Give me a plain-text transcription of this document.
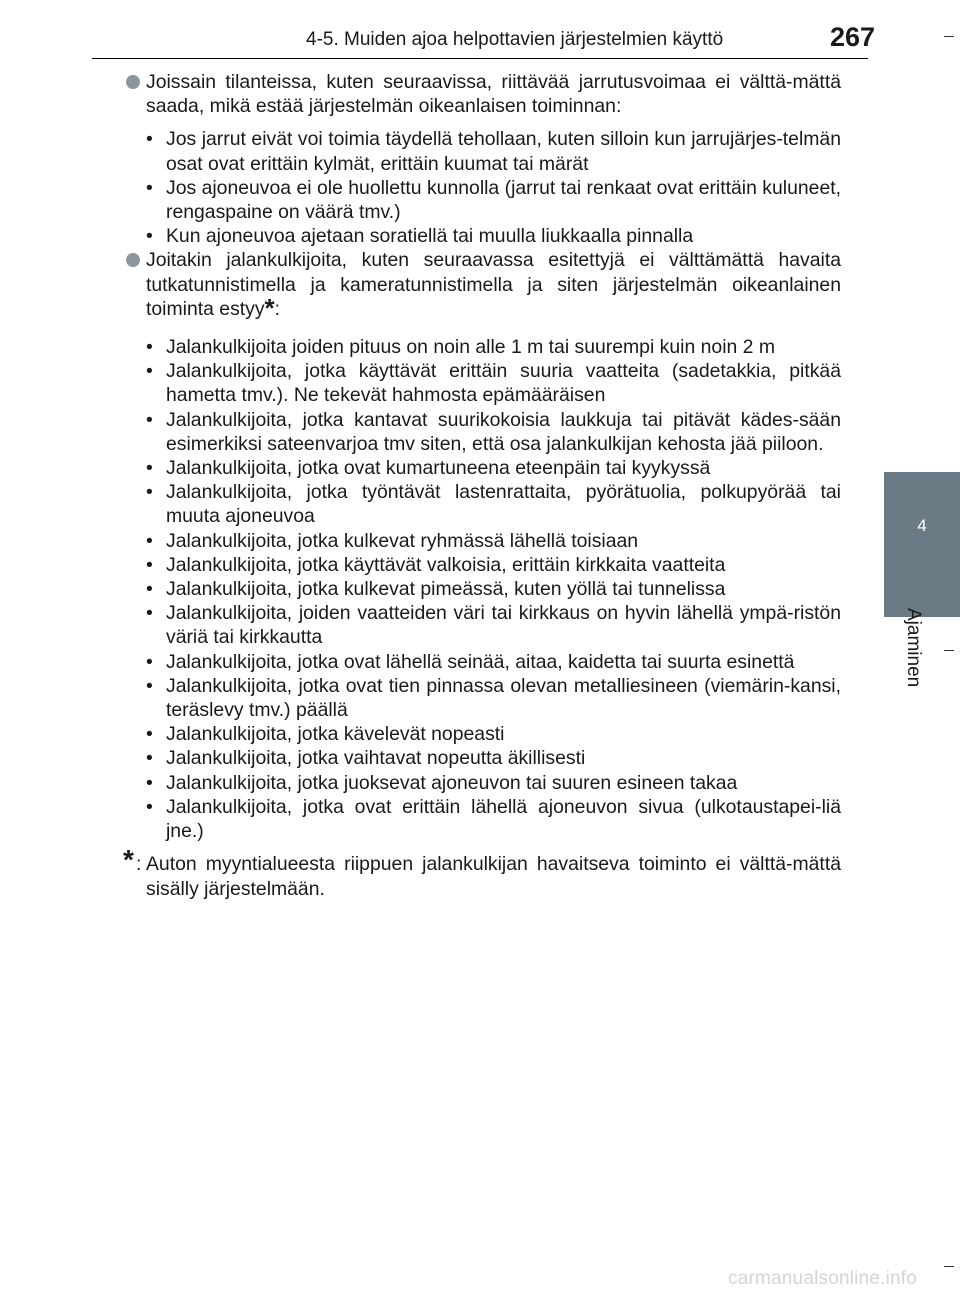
4-5. Muiden ajoa helpottavien järjestelmien käyttö	267
4
Ajaminen

Joissain tilanteissa, kuten seuraavissa, riittävää jarrutusvoimaa ei välttä-mättä saada, mikä estää järjestelmän oikeanlaisen toiminnan:

• Jos jarrut eivät voi toimia täydellä tehollaan, kuten silloin kun jarrujärjes-telmän osat ovat erittäin kylmät, erittäin kuumat tai märät
• Jos ajoneuvoa ei ole huollettu kunnolla (jarrut tai renkaat ovat erittäin kuluneet, rengaspaine on väärä tmv.)
• Kun ajoneuvoa ajetaan soratiellä tai muulla liukkaalla pinnalla

Joitakin jalankulkijoita, kuten seuraavassa esitettyjä ei välttämättä havaita tutkatunnistimella ja kameratunnistimella ja siten järjestelmän oikeanlainen toiminta estyy*:

• Jalankulkijoita joiden pituus on noin alle 1 m tai suurempi kuin noin 2 m
• Jalankulkijoita, jotka käyttävät erittäin suuria vaatteita (sadetakkia, pitkää hametta tmv.). Ne tekevät hahmosta epämääräisen
• Jalankulkijoita, jotka kantavat suurikokoisia laukkuja tai pitävät kädes-sään esimerkiksi sateenvarjoa tmv siten, että osa jalankulkijan kehosta jää piiloon.
• Jalankulkijoita, jotka ovat kumartuneena eteenpäin tai kyykyssä
• Jalankulkijoita, jotka työntävät lastenrattaita, pyörätuolia, polkupyörää tai muuta ajoneuvoa
• Jalankulkijoita, jotka kulkevat ryhmässä lähellä toisiaan
• Jalankulkijoita, jotka käyttävät valkoisia, erittäin kirkkaita vaatteita
• Jalankulkijoita, jotka kulkevat pimeässä, kuten yöllä tai tunnelissa
• Jalankulkijoita, joiden vaatteiden väri tai kirkkaus on hyvin lähellä ympä-ristön väriä tai kirkkautta
• Jalankulkijoita, jotka ovat lähellä seinää, aitaa, kaidetta tai suurta esinettä
• Jalankulkijoita, jotka ovat tien pinnassa olevan metalliesineen (viemärin-kansi, teräslevy tmv.) päällä
• Jalankulkijoita, jotka kävelevät nopeasti
• Jalankulkijoita, jotka vaihtavat nopeutta äkillisesti
• Jalankulkijoita, jotka juoksevat ajoneuvon tai suuren esineen takaa
• Jalankulkijoita, jotka ovat erittäin lähellä ajoneuvon sivua (ulkotaustapei-liä jne.)

* : Auton myyntialueesta riippuen jalankulkijan havaitseva toiminto ei välttä-mättä sisälly järjestelmään.

carmanualsonline.info
